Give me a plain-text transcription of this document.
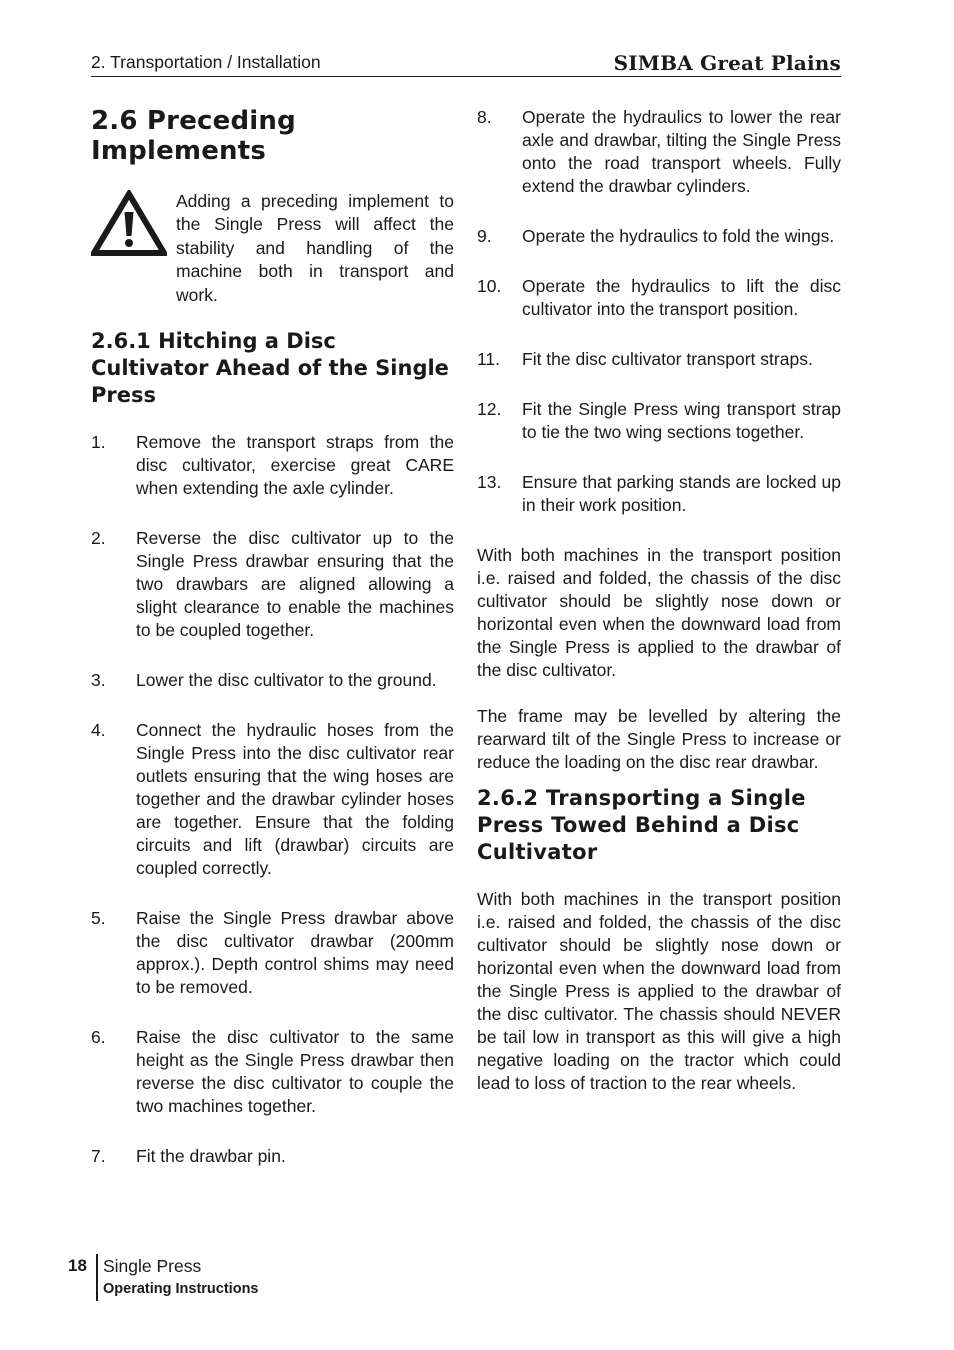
2. Transportation / Installation	SIMBA Great Plains
2.6 Preceding Implements
Adding a preceding implement to the Single Press will affect the stability and handling of the machine both in transport and work.
2.6.1 Hitching a Disc Cultivator Ahead of the Single Press
1. Remove the transport straps from the disc cultivator, exercise great CARE when extending the axle cylinder.
2. Reverse the disc cultivator up to the Single Press drawbar ensuring that the two drawbars are aligned allowing a slight clearance to enable the machines to be coupled together.
3. Lower the disc cultivator to the ground.
4. Connect the hydraulic hoses from the Single Press into the disc cultivator rear outlets ensuring that the wing hoses are together and the drawbar cylinder hoses are together. Ensure that the folding circuits and lift (drawbar) circuits are coupled correctly.
5. Raise the Single Press drawbar above the disc cultivator drawbar (200mm approx.). Depth control shims may need to be removed.
6. Raise the disc cultivator to the same height as the Single Press drawbar then reverse the disc cultivator to couple the two machines together.
7. Fit the drawbar pin.
8. Operate the hydraulics to lower the rear axle and drawbar, tilting the Single Press onto the road transport wheels. Fully extend the drawbar cylinders.
9. Operate the hydraulics to fold the wings.
10. Operate the hydraulics to lift the disc cultivator into the transport position.
11. Fit the disc cultivator transport straps.
12. Fit the Single Press wing transport strap to tie the two wing sections together.
13. Ensure that parking stands are locked up in their work position.

With both machines in the transport position i.e. raised and folded, the chassis of the disc cultivator should be slightly nose down or horizontal even when the downward load from the Single Press is applied to the drawbar of the disc cultivator.

The frame may be levelled by altering the rearward tilt of the Single Press to increase or reduce the loading on the disc rear drawbar.

2.6.2 Transporting a Single Press Towed Behind a Disc Cultivator

With both machines in the transport position i.e. raised and folded, the chassis of the disc cultivator should be slightly nose down or horizontal even when the downward load from the Single Press is applied to the drawbar of the disc cultivator. The chassis should NEVER be tail low in transport as this will give a high negative loading on the tractor which could lead to loss of traction to the rear wheels.

18 Single Press
Operating Instructions
